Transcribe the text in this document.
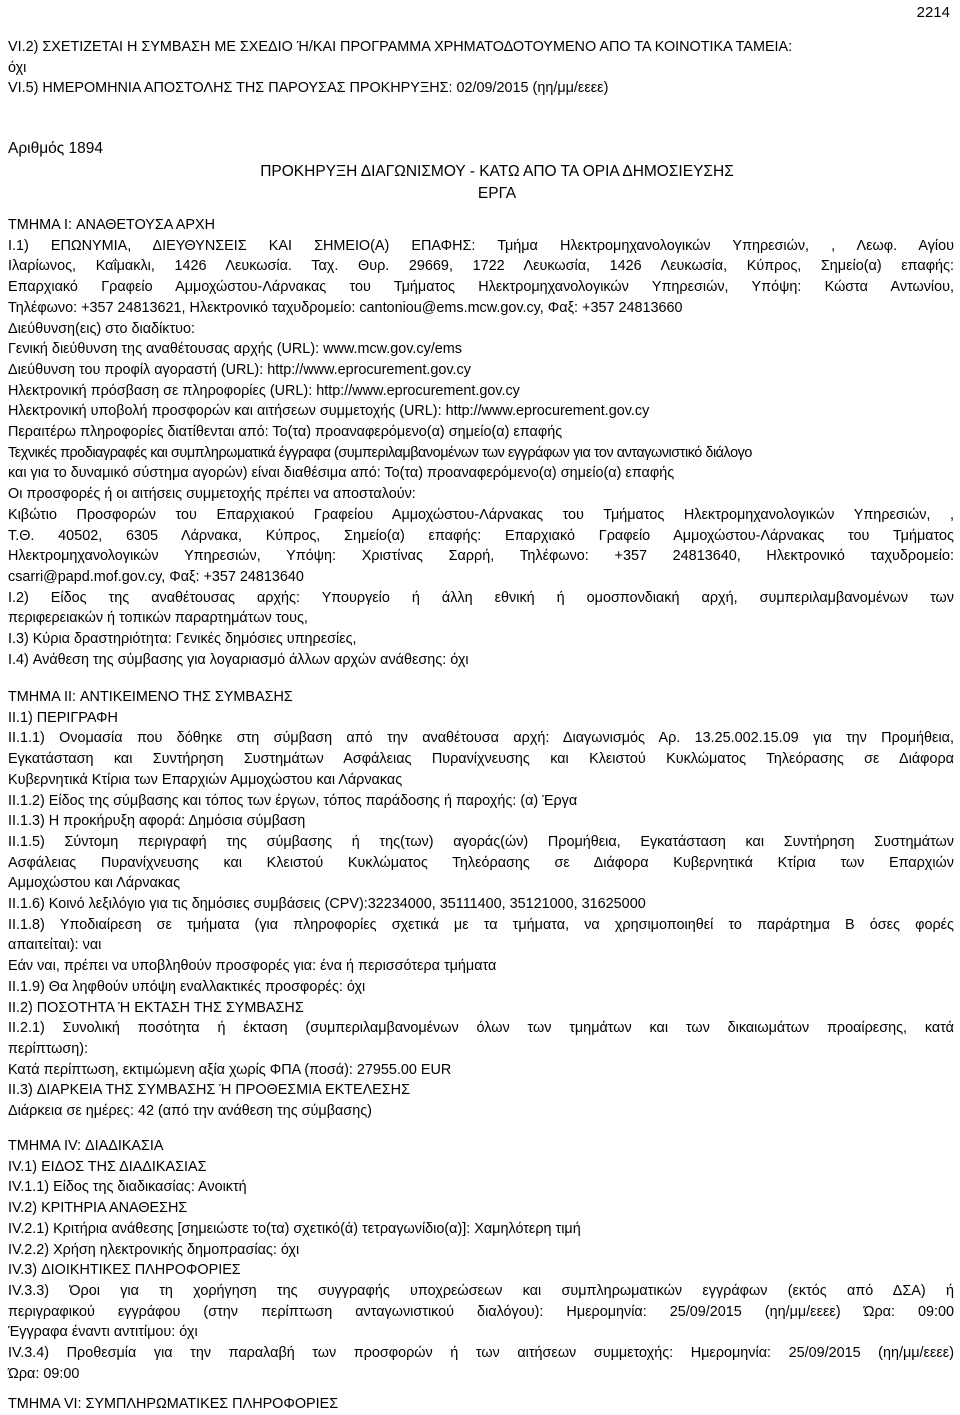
2214
VI.2) ΣΧΕΤΙΖΕΤΑΙ Η ΣΥΜΒΑΣΗ ΜΕ ΣΧΕΔΙΟ Ή/ΚΑΙ ΠΡΟΓΡΑΜΜΑ ΧΡΗΜΑΤΟΔΟΤΟΥΜΕΝΟ ΑΠΟ ΤΑ ΚΟΙΝΟΤΙΚΑ ΤΑΜΕΙΑ:
όχι
VI.5) ΗΜΕΡΟΜΗΝΙΑ ΑΠΟΣΤΟΛΗΣ ΤΗΣ ΠΑΡΟΥΣΑΣ ΠΡΟΚΗΡΥΞΗΣ: 02/09/2015 (ηη/μμ/εεεε)
Αριθμός 1894
ΠΡΟΚΗΡΥΞΗ ΔΙΑΓΩΝΙΣΜΟΥ - ΚΑΤΩ ΑΠΟ ΤΑ ΟΡΙΑ ΔΗΜΟΣΙΕΥΣΗΣ
ΕΡΓΑ
ΤΜΗΜΑ I: ΑΝΑΘΕΤΟΥΣΑ ΑΡΧΗ
I.1) ΕΠΩΝΥΜΙΑ, ΔΙΕΥΘΥΝΣΕΙΣ ΚΑΙ ΣΗΜΕΙΟ(Α) ΕΠΑΦΗΣ: Τμήμα Ηλεκτρομηχανολογικών Υπηρεσιών, , Λεωφ. Αγίου
Ιλαρίωνος, Καΐμακλι, 1426 Λευκωσία. Ταχ. Θυρ. 29669, 1722 Λευκωσία, 1426 Λευκωσία, Κύπρος, Σημείο(α) επαφής:
Επαρχιακό Γραφείο Αμμοχώστου-Λάρνακας του Τμήματος Ηλεκτρομηχανολογικών Υπηρεσιών, Υπόψη: Κώστα Αντωνίου,
Τηλέφωνο: +357 24813621, Ηλεκτρονικό ταχυδρομείο: cantoniou@ems.mcw.gov.cy, Φαξ: +357 24813660
Διεύθυνση(εις) στο διαδίκτυο:
Γενική διεύθυνση της αναθέτουσας αρχής (URL): www.mcw.gov.cy/ems
Διεύθυνση του προφίλ αγοραστή (URL): http://www.eprocurement.gov.cy
Ηλεκτρονική πρόσβαση σε πληροφορίες (URL): http://www.eprocurement.gov.cy
Ηλεκτρονική υποβολή προσφορών και αιτήσεων συμμετοχής (URL): http://www.eprocurement.gov.cy
Περαιτέρω πληροφορίες διατίθενται από: Το(τα) προαναφερόμενο(α) σημείο(α) επαφής
Τεχνικές προδιαγραφές και συμπληρωματικά έγγραφα (συμπεριλαμβανομένων των εγγράφων για τον ανταγωνιστικό διάλογο
και για το δυναμικό σύστημα αγορών) είναι διαθέσιμα από: Το(τα) προαναφερόμενο(α) σημείο(α) επαφής
Οι προσφορές ή οι αιτήσεις συμμετοχής πρέπει να αποσταλούν:
Κιβώτιο Προσφορών του Επαρχιακού Γραφείου Αμμοχώστου-Λάρνακας του Τμήματος Ηλεκτρομηχανολογικών Υπηρεσιών, ,
Τ.Θ. 40502, 6305 Λάρνακα, Κύπρος, Σημείο(α) επαφής: Επαρχιακό Γραφείο Αμμοχώστου-Λάρνακας του Τμήματος
Ηλεκτρομηχανολογικών Υπηρεσιών, Υπόψη: Χριστίνας Σαρρή, Τηλέφωνο: +357 24813640, Ηλεκτρονικό ταχυδρομείο:
csarri@papd.mof.gov.cy, Φαξ: +357 24813640
I.2) Είδος της αναθέτουσας αρχής: Υπουργείο ή άλλη εθνική ή ομοσπονδιακή αρχή, συμπεριλαμβανομένων των
περιφερειακών ή τοπικών παραρτημάτων τους,
I.3) Κύρια δραστηριότητα: Γενικές δημόσιες υπηρεσίες,
I.4) Ανάθεση της σύμβασης για λογαριασμό άλλων αρχών ανάθεσης: όχι
ΤΜΗΜΑ II: ΑΝΤΙΚΕΙΜΕΝΟ ΤΗΣ ΣΥΜΒΑΣΗΣ
II.1) ΠΕΡΙΓΡΑΦΗ
II.1.1) Ονομασία που δόθηκε στη σύμβαση από την αναθέτουσα αρχή: Διαγωνισμός Αρ. 13.25.002.15.09 για την Προμήθεια,
Εγκατάσταση και Συντήρηση Συστημάτων Ασφάλειας Πυρανίχνευσης και Κλειστού Κυκλώματος Τηλεόρασης σε Διάφορα
Κυβερνητικά Κτίρια των Επαρχιών Αμμοχώστου και Λάρνακας
II.1.2) Είδος της σύμβασης και τόπος των έργων, τόπος παράδοσης ή παροχής: (α) Έργα
II.1.3) Η προκήρυξη αφορά: Δημόσια σύμβαση
II.1.5) Σύντομη περιγραφή της σύμβασης ή της(των) αγοράς(ών) Προμήθεια, Εγκατάσταση και Συντήρηση Συστημάτων
Ασφάλειας Πυρανίχνευσης και Κλειστού Κυκλώματος Τηλεόρασης σε Διάφορα Κυβερνητικά Κτίρια των Επαρχιών
Αμμοχώστου και Λάρνακας
II.1.6) Κοινό λεξιλόγιο για τις δημόσιες συμβάσεις (CPV):32234000, 35111400, 35121000, 31625000
II.1.8) Υποδιαίρεση σε τμήματα (για πληροφορίες σχετικά με τα τμήματα, να χρησιμοποιηθεί το παράρτημα Β όσες φορές
απαιτείται): ναι
Εάν ναι, πρέπει να υποβληθούν προσφορές για: ένα ή περισσότερα τμήματα
II.1.9) Θα ληφθούν υπόψη εναλλακτικές προσφορές: όχι
II.2) ΠΟΣΟΤΗΤΑ Ή ΕΚΤΑΣΗ ΤΗΣ ΣΥΜΒΑΣΗΣ
II.2.1) Συνολική ποσότητα ή έκταση (συμπεριλαμβανομένων όλων των τμημάτων και των δικαιωμάτων προαίρεσης, κατά
περίπτωση):
Κατά περίπτωση, εκτιμώμενη αξία χωρίς ΦΠΑ (ποσά): 27955.00 EUR
II.3) ΔΙΑΡΚΕΙΑ ΤΗΣ ΣΥΜΒΑΣΗΣ Ή ΠΡΟΘΕΣΜΙΑ ΕΚΤΕΛΕΣΗΣ
Διάρκεια σε ημέρες: 42 (από την ανάθεση της σύμβασης)
ΤΜΗΜΑ IV: ΔΙΑΔΙΚΑΣΙΑ
IV.1) ΕΙΔΟΣ ΤΗΣ ΔΙΑΔΙΚΑΣΙΑΣ
IV.1.1) Είδος της διαδικασίας: Ανοικτή
IV.2) ΚΡΙΤΗΡΙΑ ΑΝΑΘΕΣΗΣ
IV.2.1) Κριτήρια ανάθεσης [σημειώστε το(τα) σχετικό(ά) τετραγωνίδιο(α)]: Χαμηλότερη τιμή
IV.2.2) Χρήση ηλεκτρονικής δημοπρασίας: όχι
IV.3) ΔΙΟΙΚΗΤΙΚΕΣ ΠΛΗΡΟΦΟΡΙΕΣ
IV.3.3) Όροι για τη χορήγηση της συγγραφής υποχρεώσεων και συμπληρωματικών εγγράφων (εκτός από ΔΣΑ) ή
περιγραφικού εγγράφου (στην περίπτωση ανταγωνιστικού διαλόγου): Ημερομηνία: 25/09/2015 (ηη/μμ/εεεε) Ώρα: 09:00
Έγγραφα έναντι αντιτίμου: όχι
IV.3.4) Προθεσμία για την παραλαβή των προσφορών ή των αιτήσεων συμμετοχής: Ημερομηνία: 25/09/2015 (ηη/μμ/εεεε)
Ώρα: 09:00
ΤΜΗΜΑ VI: ΣΥΜΠΛΗΡΩΜΑΤΙΚΕΣ ΠΛΗΡΟΦΟΡΙΕΣ
